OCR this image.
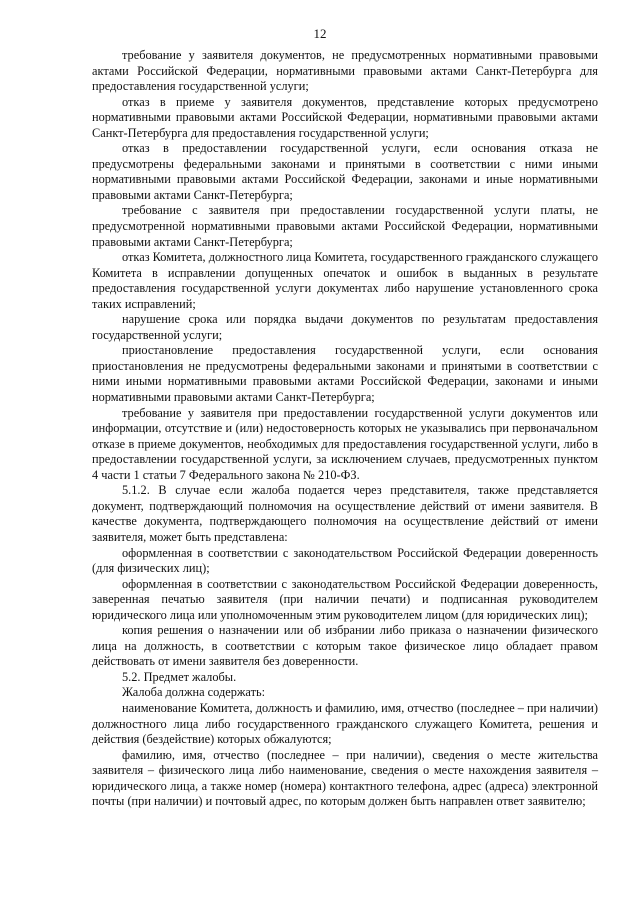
12

требование у заявителя документов, не предусмотренных нормативными правовыми актами Российской Федерации, нормативными правовыми актами Санкт-Петербурга для предоставления государственной услуги;

отказ в приеме у заявителя документов, представление которых предусмотрено нормативными правовыми актами Российской Федерации, нормативными правовыми актами Санкт-Петербурга для предоставления государственной услуги;

отказ в предоставлении государственной услуги, если основания отказа не предусмотрены федеральными законами и принятыми в соответствии с ними иными нормативными правовыми актами Российской Федерации, законами и иные нормативными правовыми актами Санкт-Петербурга;

требование с заявителя при предоставлении государственной услуги платы, не предусмотренной нормативными правовыми актами Российской Федерации, нормативными правовыми актами Санкт-Петербурга;

отказ Комитета, должностного лица Комитета, государственного гражданского служащего Комитета в исправлении допущенных опечаток и ошибок в выданных в результате предоставления государственной услуги документах либо нарушение установленного срока таких исправлений;

нарушение срока или порядка выдачи документов по результатам предоставления государственной услуги;

приостановление предоставления государственной услуги, если основания приостановления не предусмотрены федеральными законами и принятыми в соответствии с ними иными нормативными правовыми актами Российской Федерации, законами и иными нормативными правовыми актами Санкт-Петербурга;

требование у заявителя при предоставлении государственной услуги документов или информации, отсутствие и (или) недостоверность которых не указывались при первоначальном отказе в приеме документов, необходимых для предоставления государственной услуги, либо в предоставлении государственной услуги, за исключением случаев, предусмотренных пунктом 4 части 1 статьи 7 Федерального закона № 210-ФЗ.

5.1.2. В случае если жалоба подается через представителя, также представляется документ, подтверждающий полномочия на осуществление действий от имени заявителя. В качестве документа, подтверждающего полномочия на осуществление действий от имени заявителя, может быть представлена:

оформленная в соответствии с законодательством Российской Федерации доверенность (для физических лиц);

оформленная в соответствии с законодательством Российской Федерации доверенность, заверенная печатью заявителя (при наличии печати) и подписанная руководителем юридического лица или уполномоченным этим руководителем лицом (для юридических лиц);

копия решения о назначении или об избрании либо приказа о назначении физического лица на должность, в соответствии с которым такое физическое лицо обладает правом действовать от имени заявителя без доверенности.

5.2. Предмет жалобы.

Жалоба должна содержать:

наименование Комитета, должность и фамилию, имя, отчество (последнее – при наличии) должностного лица либо государственного гражданского служащего Комитета, решения и действия (бездействие) которых обжалуются;

фамилию, имя, отчество (последнее – при наличии), сведения о месте жительства заявителя – физического лица либо наименование, сведения о месте нахождения заявителя – юридического лица, а также номер (номера) контактного телефона, адрес (адреса) электронной почты (при наличии) и почтовый адрес, по которым должен быть направлен ответ заявителю;
